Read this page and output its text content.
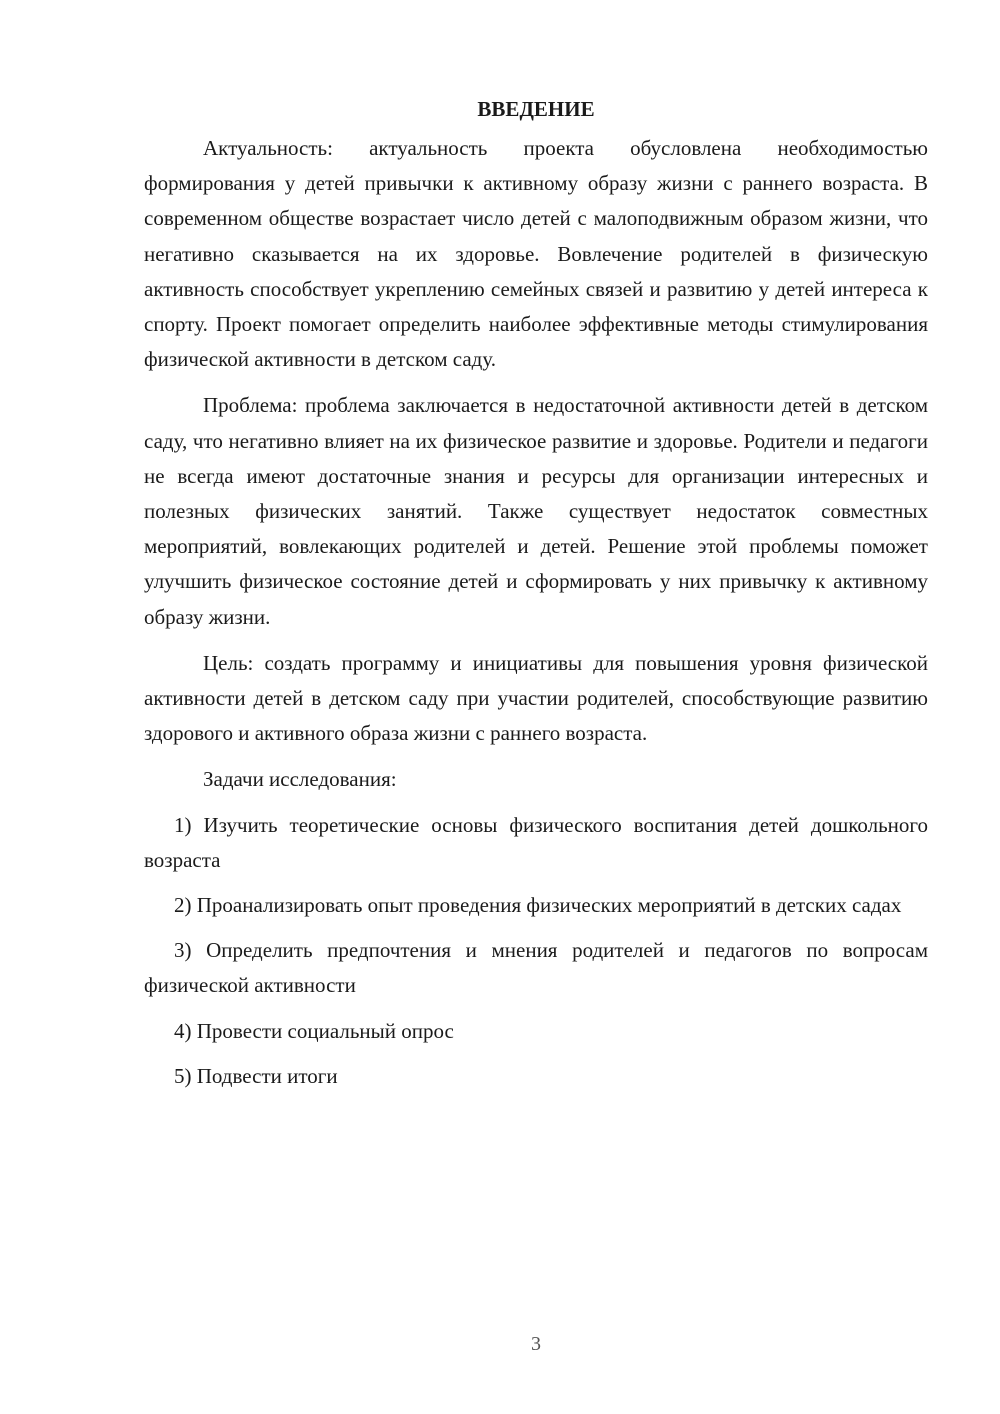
ВВЕДЕНИЕ

Актуальность: актуальность проекта обусловлена необходимостью формирования у детей привычки к активному образу жизни с раннего возраста. В современном обществе возрастает число детей с малоподвижным образом жизни, что негативно сказывается на их здоровье. Вовлечение родителей в физическую активность способствует укреплению семейных связей и развитию у детей интереса к спорту. Проект помогает определить наиболее эффективные методы стимулирования физической активности в детском саду.

Проблема: проблема заключается в недостаточной активности детей в детском саду, что негативно влияет на их физическое развитие и здоровье. Родители и педагоги не всегда имеют достаточные знания и ресурсы для организации интересных и полезных физических занятий. Также существует недостаток совместных мероприятий, вовлекающих родителей и детей. Решение этой проблемы поможет улучшить физическое состояние детей и сформировать у них привычку к активному образу жизни.

Цель: создать программу и инициативы для повышения уровня физической активности детей в детском саду при участии родителей, способствующие развитию здорового и активного образа жизни с раннего возраста.

Задачи исследования:

1) Изучить теоретические основы физического воспитания детей дошкольного возраста

2) Проанализировать опыт проведения физических мероприятий в детских садах

3) Определить предпочтения и мнения родителей и педагогов по вопросам физической активности

4) Провести социальный опрос

5) Подвести итоги

3
